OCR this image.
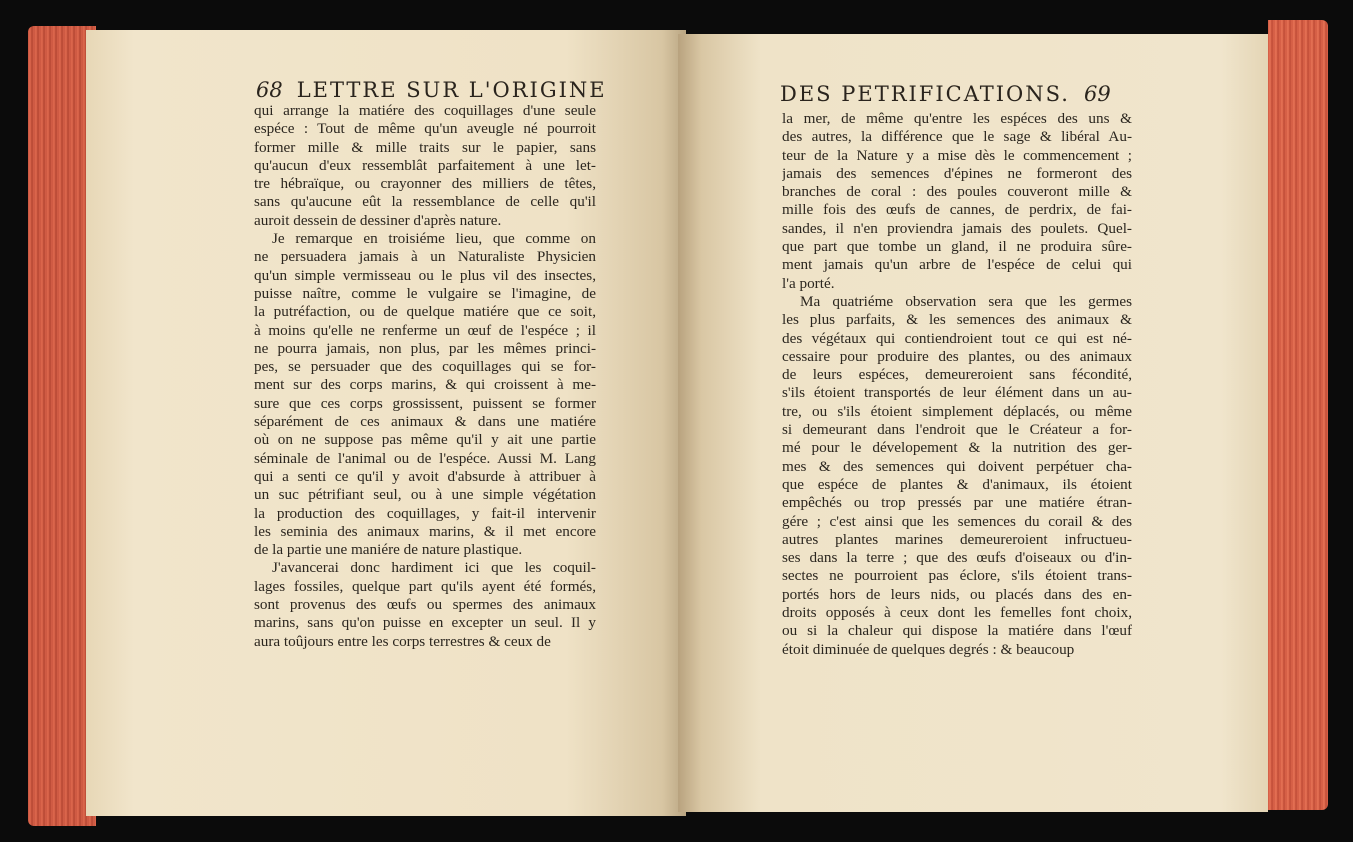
68 LETTRE SUR L'ORIGINE
qui arrange la matiére des coquillages d'une seule
espéce : Tout de même qu'un aveugle né pourroit
former mille & mille traits sur le papier, sans
qu'aucun d'eux ressemblât parfaitement à une let-
tre hébraïque, ou crayonner des milliers de têtes,
sans qu'aucune eût la ressemblance de celle qu'il
auroit dessein de dessiner d'après nature.
Je remarque en troisiéme lieu, que comme on
ne persuadera jamais à un Naturaliste Physicien
qu'un simple vermisseau ou le plus vil des insectes,
puisse naître, comme le vulgaire se l'imagine, de
la putréfaction, ou de quelque matiére que ce soit,
à moins qu'elle ne renferme un œuf de l'espéce ; il
ne pourra jamais, non plus, par les mêmes princi-
pes, se persuader que des coquillages qui se for-
ment sur des corps marins, & qui croissent à me-
sure que ces corps grossissent, puissent se former
séparément de ces animaux & dans une matiére
où on ne suppose pas même qu'il y ait une partie
séminale de l'animal ou de l'espéce. Aussi M. Lang
qui a senti ce qu'il y avoit d'absurde à attribuer à
un suc pétrifiant seul, ou à une simple végétation
la production des coquillages, y fait-il intervenir
les seminia des animaux marins, & il met encore
de la partie une maniére de nature plastique.
J'avancerai donc hardiment ici que les coquil-
lages fossiles, quelque part qu'ils ayent été formés,
sont provenus des œufs ou spermes des animaux
marins, sans qu'on puisse en excepter un seul. Il y
aura toûjours entre les corps terrestres & ceux de
DES PETRIFICATIONS. 69
la mer, de même qu'entre les espéces des uns &
des autres, la différence que le sage & libéral Au-
teur de la Nature y a mise dès le commencement ;
jamais des semences d'épines ne formeront des
branches de coral : des poules couveront mille &
mille fois des œufs de cannes, de perdrix, de fai-
sandes, il n'en proviendra jamais des poulets. Quel-
que part que tombe un gland, il ne produira sûre-
ment jamais qu'un arbre de l'espéce de celui qui
l'a porté.
Ma quatriéme observation sera que les germes
les plus parfaits, & les semences des animaux &
des végétaux qui contiendroient tout ce qui est né-
cessaire pour produire des plantes, ou des animaux
de leurs espéces, demeureroient sans fécondité,
s'ils étoient transportés de leur élément dans un au-
tre, ou s'ils étoient simplement déplacés, ou même
si demeurant dans l'endroit que le Créateur a for-
mé pour le dévelopement & la nutrition des ger-
mes & des semences qui doivent perpétuer cha-
que espéce de plantes & d'animaux, ils étoient
empêchés ou trop pressés par une matiére étran-
gére ; c'est ainsi que les semences du corail & des
autres plantes marines demeureroient infructueu-
ses dans la terre ; que des œufs d'oiseaux ou d'in-
sectes ne pourroient pas éclore, s'ils étoient trans-
portés hors de leurs nids, ou placés dans des en-
droits opposés à ceux dont les femelles font choix,
ou si la chaleur qui dispose la matiére dans l'œuf
étoit diminuée de quelques degrés : & beaucoup
